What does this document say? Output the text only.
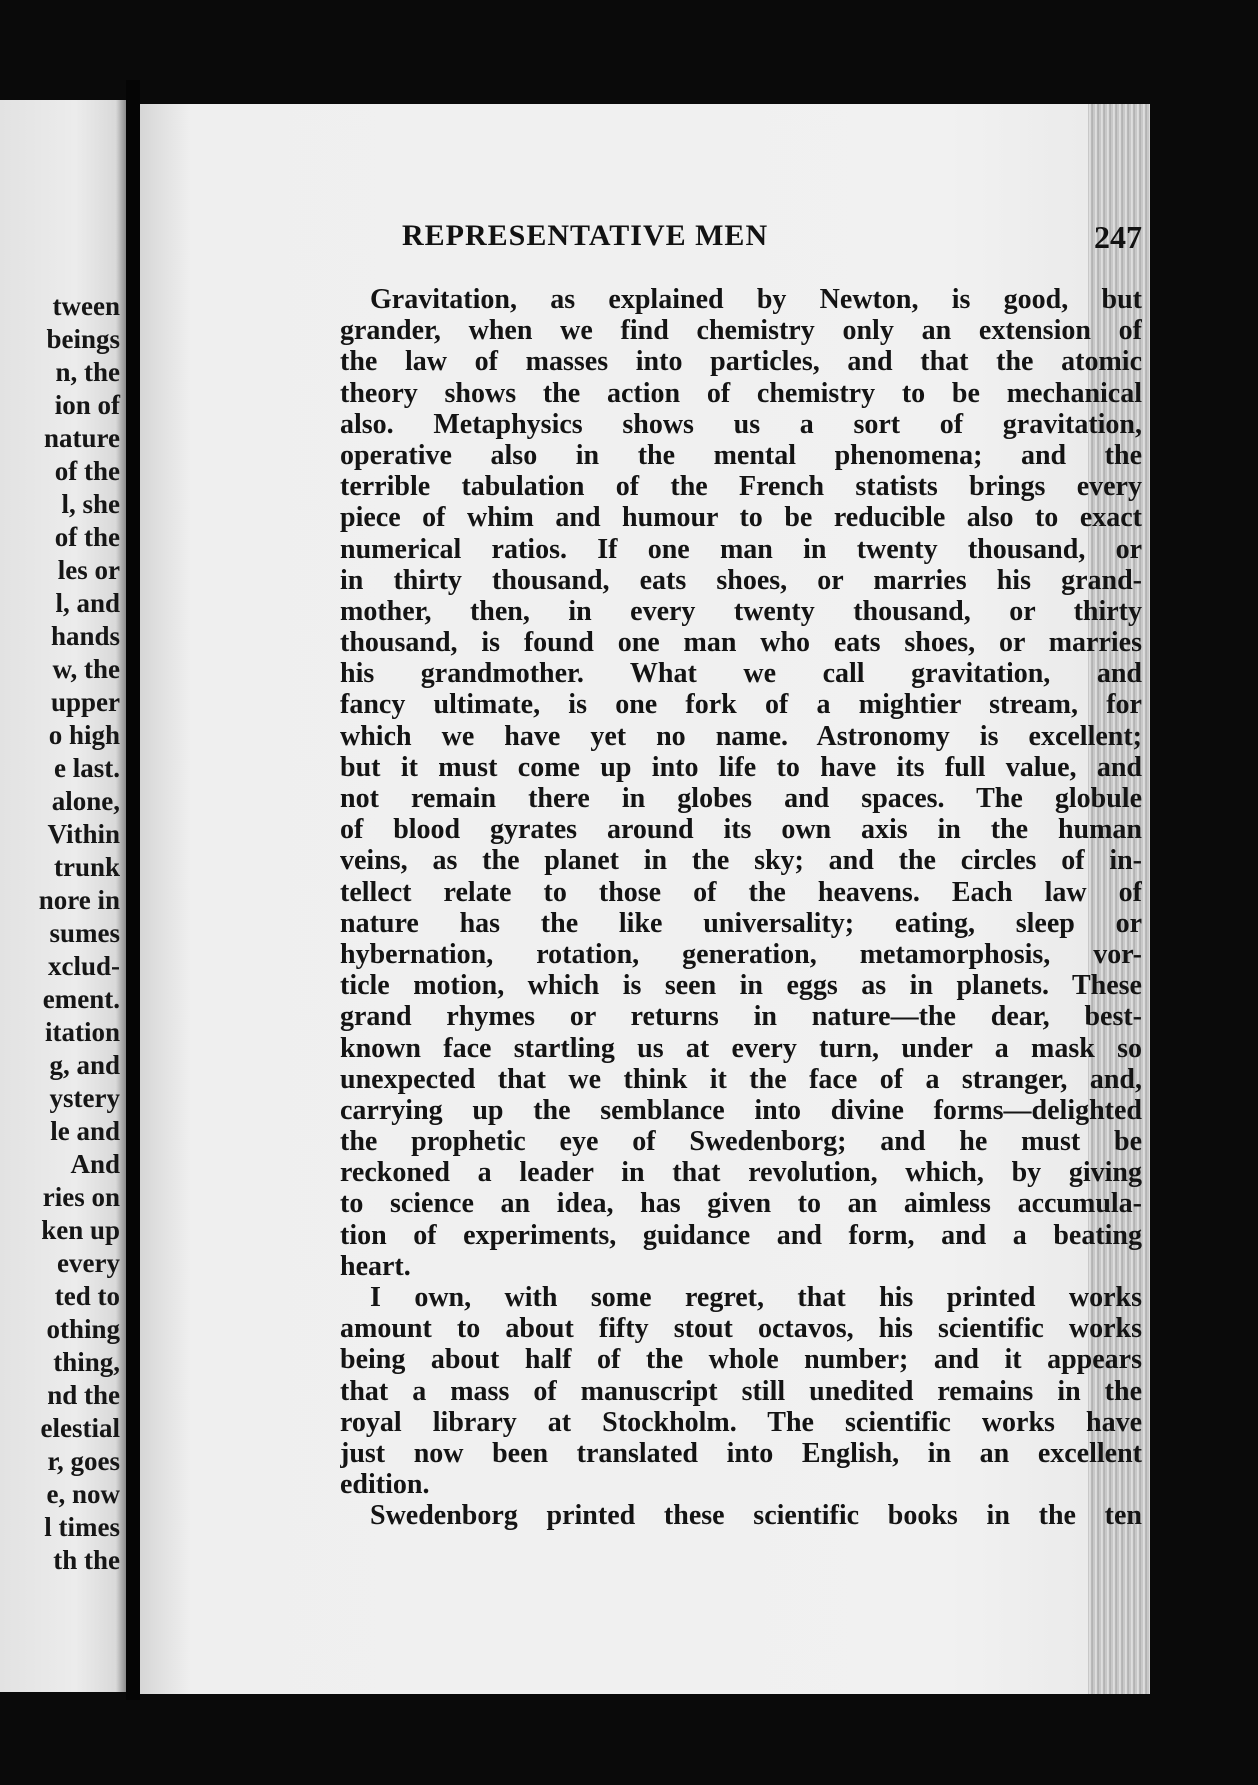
tween
beings
n, the
ion of
nature
of the
l, she
of the
les or
l, and
hands
w, the
upper
o high
e last.
alone,
Vithin
trunk
nore in
sumes
xclud-
ement.
itation
g, and
ystery
le and
And
ries on
ken up
every
ted to
othing
thing,
nd the
elestial
r, goes
e, now
l times
th the
REPRESENTATIVE MEN	247
Gravitation, as explained by Newton, is good, but
grander, when we find chemistry only an extension of
the law of masses into particles, and that the atomic
theory shows the action of chemistry to be mechanical
also. Metaphysics shows us a sort of gravitation,
operative also in the mental phenomena; and the
terrible tabulation of the French statists brings every
piece of whim and humour to be reducible also to exact
numerical ratios. If one man in twenty thousand, or
in thirty thousand, eats shoes, or marries his grand-
mother, then, in every twenty thousand, or thirty
thousand, is found one man who eats shoes, or marries
his grandmother. What we call gravitation, and
fancy ultimate, is one fork of a mightier stream, for
which we have yet no name. Astronomy is excellent;
but it must come up into life to have its full value, and
not remain there in globes and spaces. The globule
of blood gyrates around its own axis in the human
veins, as the planet in the sky; and the circles of in-
tellect relate to those of the heavens. Each law of
nature has the like universality; eating, sleep or
hybernation, rotation, generation, metamorphosis, vor-
ticle motion, which is seen in eggs as in planets. These
grand rhymes or returns in nature—the dear, best-
known face startling us at every turn, under a mask so
unexpected that we think it the face of a stranger, and,
carrying up the semblance into divine forms—delighted
the prophetic eye of Swedenborg; and he must be
reckoned a leader in that revolution, which, by giving
to science an idea, has given to an aimless accumula-
tion of experiments, guidance and form, and a beating
heart.
I own, with some regret, that his printed works
amount to about fifty stout octavos, his scientific works
being about half of the whole number; and it appears
that a mass of manuscript still unedited remains in the
royal library at Stockholm. The scientific works have
just now been translated into English, in an excellent
edition.
Swedenborg printed these scientific books in the ten
